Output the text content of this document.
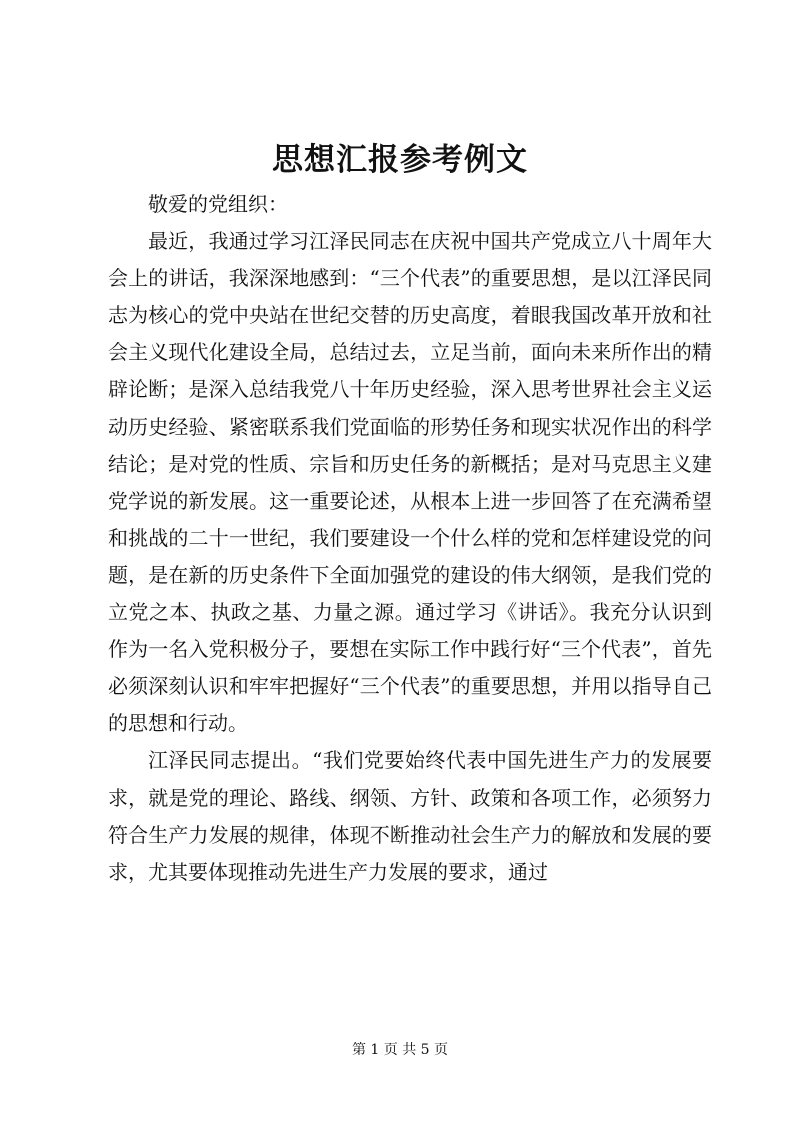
思想汇报参考例文

敬爱的党组织：

最近，我通过学习江泽民同志在庆祝中国共产党成立八十周年大会上的讲话，我深深地感到：“三个代表”的重要思想，是以江泽民同志为核心的党中央站在世纪交替的历史高度，着眼我国改革开放和社会主义现代化建设全局，总结过去，立足当前，面向未来所作出的精辟论断；是深入总结我党八十年历史经验，深入思考世界社会主义运动历史经验、紧密联系我们党面临的形势任务和现实状况作出的科学结论；是对党的性质、宗旨和历史任务的新概括；是对马克思主义建党学说的新发展。这一重要论述，从根本上进一步回答了在充满希望和挑战的二十一世纪，我们要建设一个什么样的党和怎样建设党的问题，是在新的历史条件下全面加强党的建设的伟大纲领，是我们党的立党之本、执政之基、力量之源。通过学习《讲话》。我充分认识到作为一名入党积极分子，要想在实际工作中践行好“三个代表”，首先必须深刻认识和牢牢把握好“三个代表”的重要思想，并用以指导自己的思想和行动。

江泽民同志提出。“我们党要始终代表中国先进生产力的发展要求，就是党的理论、路线、纲领、方针、政策和各项工作，必须努力符合生产力发展的规律，体现不断推动社会生产力的解放和发展的要求，尤其要体现推动先进生产力发展的要求，通过

第 1 页 共 5 页
